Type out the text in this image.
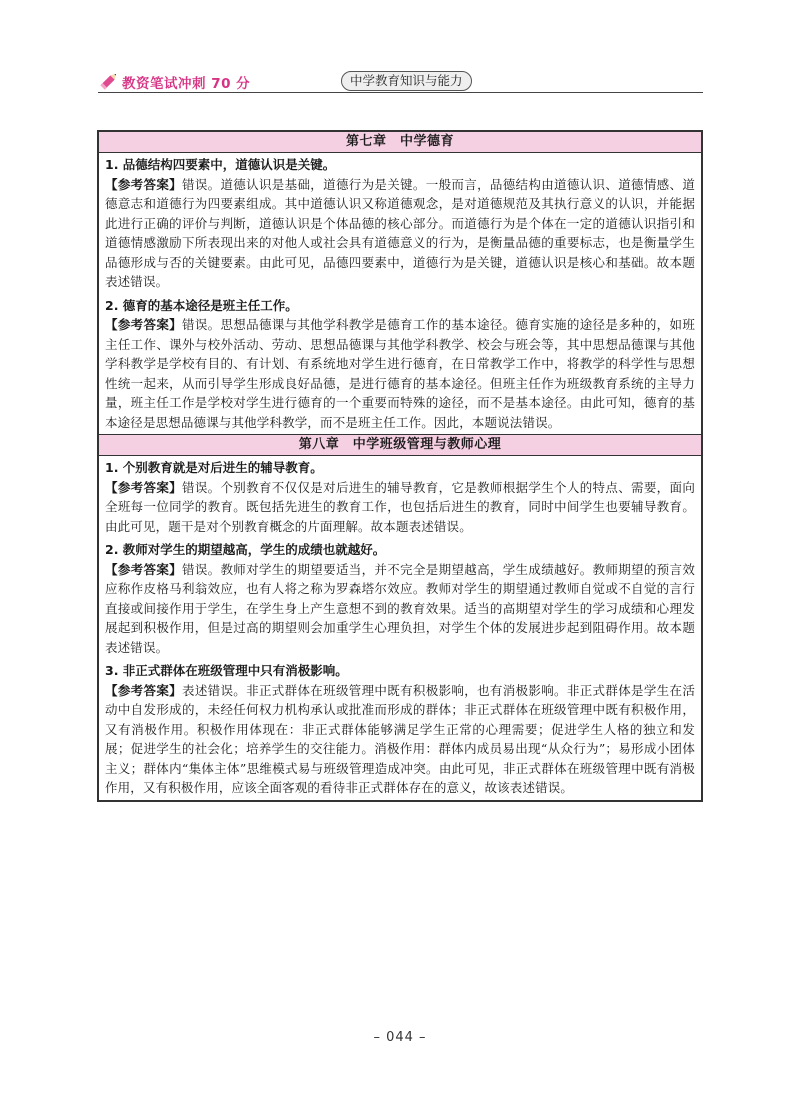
教资笔试冲刺 70 分	中学教育知识与能力
第七章　中学德育
1. 品德结构四要素中，道德认识是关键。
【参考答案】错误。道德认识是基础，道德行为是关键。一般而言，品德结构由道德认识、道德情感、道德意志和道德行为四要素组成。其中道德认识又称道德观念，是对道德规范及其执行意义的认识，并能据此进行正确的评价与判断，道德认识是个体品德的核心部分。而道德行为是个体在一定的道德认识指引和道德情感激励下所表现出来的对他人或社会具有道德意义的行为，是衡量品德的重要标志，也是衡量学生品德形成与否的关键要素。由此可见，品德四要素中，道德行为是关键，道德认识是核心和基础。故本题表述错误。
2. 德育的基本途径是班主任工作。
【参考答案】错误。思想品德课与其他学科教学是德育工作的基本途径。德育实施的途径是多种的，如班主任工作、课外与校外活动、劳动、思想品德课与其他学科教学、校会与班会等，其中思想品德课与其他学科教学是学校有目的、有计划、有系统地对学生进行德育，在日常教学工作中，将教学的科学性与思想性统一起来，从而引导学生形成良好品德，是进行德育的基本途径。但班主任作为班级教育系统的主导力量，班主任工作是学校对学生进行德育的一个重要而特殊的途径，而不是基本途径。由此可知，德育的基本途径是思想品德课与其他学科教学，而不是班主任工作。因此，本题说法错误。
第八章　中学班级管理与教师心理
1. 个别教育就是对后进生的辅导教育。
【参考答案】错误。个别教育不仅仅是对后进生的辅导教育，它是教师根据学生个人的特点、需要，面向全班每一位同学的教育。既包括先进生的教育工作，也包括后进生的教育，同时中间学生也要辅导教育。由此可见，题干是对个别教育概念的片面理解。故本题表述错误。
2. 教师对学生的期望越高，学生的成绩也就越好。
【参考答案】错误。教师对学生的期望要适当，并不完全是期望越高，学生成绩越好。教师期望的预言效应称作皮格马利翁效应，也有人将之称为罗森塔尔效应。教师对学生的期望通过教师自觉或不自觉的言行直接或间接作用于学生，在学生身上产生意想不到的教育效果。适当的高期望对学生的学习成绩和心理发展起到积极作用，但是过高的期望则会加重学生心理负担，对学生个体的发展进步起到阻碍作用。故本题表述错误。
3. 非正式群体在班级管理中只有消极影响。
【参考答案】表述错误。非正式群体在班级管理中既有积极影响，也有消极影响。非正式群体是学生在活动中自发形成的，未经任何权力机构承认或批准而形成的群体；非正式群体在班级管理中既有积极作用，又有消极作用。积极作用体现在：非正式群体能够满足学生正常的心理需要；促进学生人格的独立和发展；促进学生的社会化；培养学生的交往能力。消极作用：群体内成员易出现“从众行为”；易形成小团体主义；群体内“集体主体”思维模式易与班级管理造成冲突。由此可见，非正式群体在班级管理中既有消极作用，又有积极作用，应该全面客观的看待非正式群体存在的意义，故该表述错误。
– 044 –
